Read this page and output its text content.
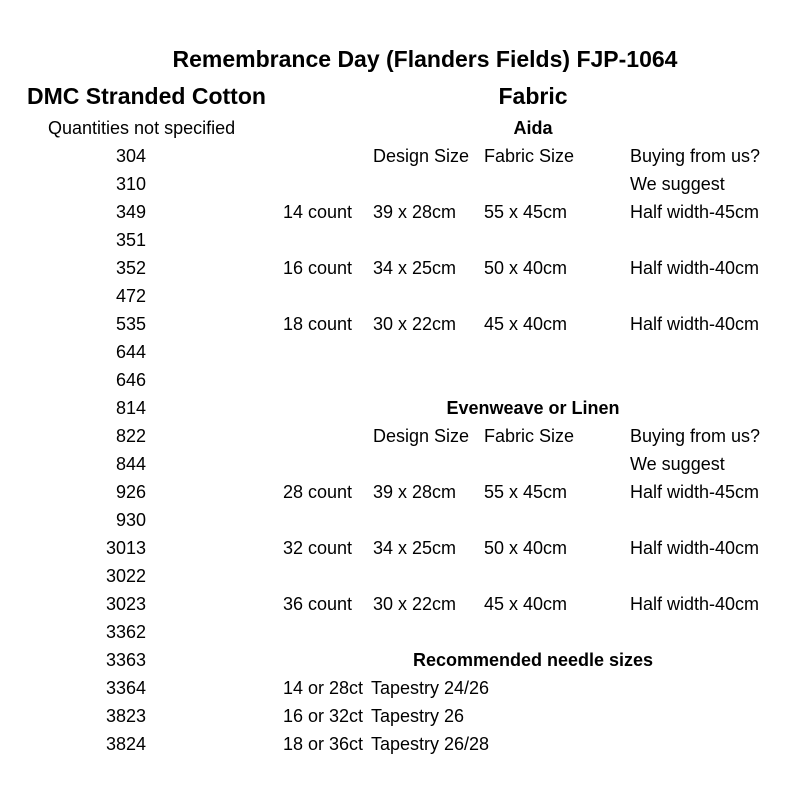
Remembrance Day (Flanders Fields) FJP-1064
DMC Stranded Cotton
Quantities not specified
304
310
349
351
352
472
535
644
646
814
822
844
926
930
3013
3022
3023
3362
3363
3364
3823
3824
Fabric
Aida
Design Size Fabric Size	Buying from us?
We suggest
14 count 39 x 28cm 55 x 45cm	Half width-45cm
16 count 34 x 25cm 50 x 40cm	Half width-40cm
18 count 30 x 22cm 45 x 40cm	Half width-40cm
Evenweave or Linen
Design Size Fabric Size	Buying from us?
We suggest
28 count 39 x 28cm 55 x 45cm	Half width-45cm
32 count 34 x 25cm 50 x 40cm	Half width-40cm
36 count 30 x 22cm 45 x 40cm	Half width-40cm
Recommended needle sizes
14 or 28ct Tapestry 24/26
16 or 32ct Tapestry 26
18 or 36ct Tapestry 26/28
